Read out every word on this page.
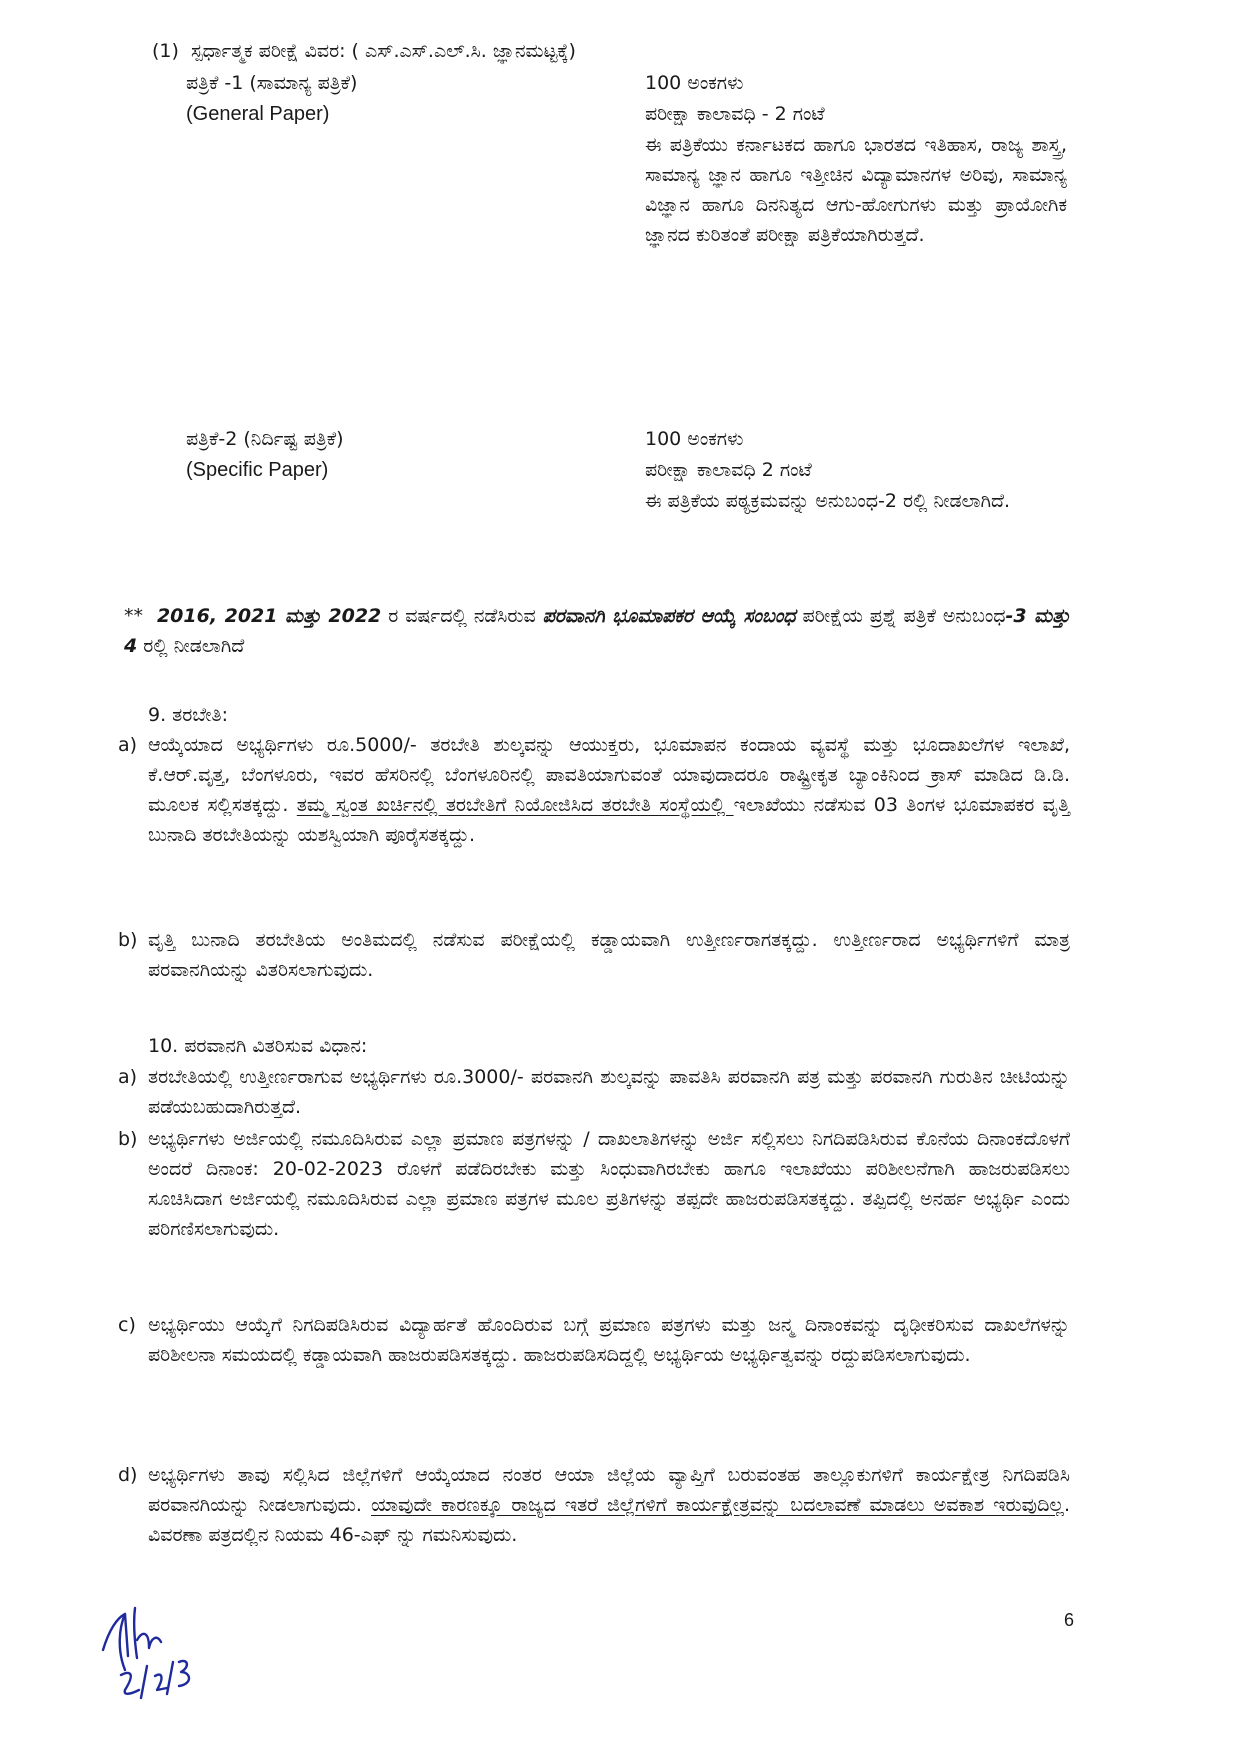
(1) ಸ್ಪರ್ಧಾತ್ಮಕ ಪರೀಕ್ಷೆ ವಿವರ: ( ಎಸ್.ಎಸ್.ಎಲ್.ಸಿ. ಜ್ಞಾನಮಟ್ಟಕ್ಕೆ)
ಪತ್ರಿಕೆ -1 (ಸಾಮಾನ್ಯ ಪತ್ರಿಕೆ)
(General Paper)
100 ಅಂಕಗಳು
ಪರೀಕ್ಷಾ ಕಾಲಾವಧಿ - 2 ಗಂಟೆ
ಈ ಪತ್ರಿಕೆಯು ಕರ್ನಾಟಕದ ಹಾಗೂ ಭಾರತದ ಇತಿಹಾಸ, ರಾಜ್ಯ ಶಾಸ್ತ್ರ, ಸಾಮಾನ್ಯ ಜ್ಞಾನ ಹಾಗೂ ಇತ್ತೀಚಿನ ವಿದ್ಯಾಮಾನಗಳ ಅರಿವು, ಸಾಮಾನ್ಯ ವಿಜ್ಞಾನ ಹಾಗೂ ದಿನನಿತ್ಯದ ಆಗು-ಹೋಗುಗಳು ಮತ್ತು ಪ್ರಾಯೋಗಿಕ ಜ್ಞಾನದ ಕುರಿತಂತೆ ಪರೀಕ್ಷಾ ಪತ್ರಿಕೆಯಾಗಿರುತ್ತದೆ.
ಪತ್ರಿಕೆ-2 (ನಿರ್ದಿಷ್ಟ ಪತ್ರಿಕೆ)
(Specific Paper)
100 ಅಂಕಗಳು
ಪರೀಕ್ಷಾ ಕಾಲಾವಧಿ 2 ಗಂಟೆ
ಈ ಪತ್ರಿಕೆಯ ಪಠ್ಯಕ್ರಮವನ್ನು ಅನುಬಂಧ-2 ರಲ್ಲಿ ನೀಡಲಾಗಿದೆ.
** 2016, 2021 ಮತ್ತು 2022 ರ ವರ್ಷದಲ್ಲಿ ನಡೆಸಿರುವ ಪರವಾನಗಿ ಭೂಮಾಪಕರ ಆಯ್ಕೆ ಸಂಬಂಧ ಪರೀಕ್ಷೆಯ ಪ್ರಶ್ನೆ ಪತ್ರಿಕೆ ಅನುಬಂಧ-3 ಮತ್ತು 4 ರಲ್ಲಿ ನೀಡಲಾಗಿದೆ
9. ತರಬೇತಿ:
a) ಆಯ್ಕೆಯಾದ ಅಭ್ಯರ್ಥಿಗಳು ರೂ.5000/- ತರಬೇತಿ ಶುಲ್ಕವನ್ನು ಆಯುಕ್ತರು, ಭೂಮಾಪನ ಕಂದಾಯ ವ್ಯವಸ್ಥೆ ಮತ್ತು ಭೂದಾಖಲೆಗಳ ಇಲಾಖೆ, ಕೆ.ಆರ್.ವೃತ್ತ, ಬೆಂಗಳೂರು, ಇವರ ಹೆಸರಿನಲ್ಲಿ ಬೆಂಗಳೂರಿನಲ್ಲಿ ಪಾವತಿಯಾಗುವಂತೆ ಯಾವುದಾದರೂ ರಾಷ್ಟ್ರೀಕೃತ ಬ್ಯಾಂಕಿನಿಂದ ಕ್ರಾಸ್ ಮಾಡಿದ ಡಿ.ಡಿ. ಮೂಲಕ ಸಲ್ಲಿಸತಕ್ಕದ್ದು. ತಮ್ಮ ಸ್ವಂತ ಖರ್ಚಿನಲ್ಲಿ ತರಬೇತಿಗೆ ನಿಯೋಜಿಸಿದ ತರಬೇತಿ ಸಂಸ್ಥೆಯಲ್ಲಿ ಇಲಾಖೆಯು ನಡೆಸುವ 03 ತಿಂಗಳ ಭೂಮಾಪಕರ ವೃತ್ತಿ ಬುನಾದಿ ತರಬೇತಿಯನ್ನು ಯಶಸ್ವಿಯಾಗಿ ಪೂರೈಸತಕ್ಕದ್ದು.
b) ವೃತ್ತಿ ಬುನಾದಿ ತರಬೇತಿಯ ಅಂತಿಮದಲ್ಲಿ ನಡೆಸುವ ಪರೀಕ್ಷೆಯಲ್ಲಿ ಕಡ್ಡಾಯವಾಗಿ ಉತ್ತೀರ್ಣರಾಗತಕ್ಕದ್ದು. ಉತ್ತೀರ್ಣರಾದ ಅಭ್ಯರ್ಥಿಗಳಿಗೆ ಮಾತ್ರ ಪರವಾನಗಿಯನ್ನು ವಿತರಿಸಲಾಗುವುದು.
10. ಪರವಾನಗಿ ವಿತರಿಸುವ ವಿಧಾನ:
a) ತರಬೇತಿಯಲ್ಲಿ ಉತ್ತೀರ್ಣರಾಗುವ ಅಭ್ಯರ್ಥಿಗಳು ರೂ.3000/- ಪರವಾನಗಿ ಶುಲ್ಕವನ್ನು ಪಾವತಿಸಿ ಪರವಾನಗಿ ಪತ್ರ ಮತ್ತು ಪರವಾನಗಿ ಗುರುತಿನ ಚೀಟಿಯನ್ನು ಪಡೆಯಬಹುದಾಗಿರುತ್ತದೆ.
b) ಅಭ್ಯರ್ಥಿಗಳು ಅರ್ಜಿಯಲ್ಲಿ ನಮೂದಿಸಿರುವ ಎಲ್ಲಾ ಪ್ರಮಾಣ ಪತ್ರಗಳನ್ನು / ದಾಖಲಾತಿಗಳನ್ನು ಅರ್ಜಿ ಸಲ್ಲಿಸಲು ನಿಗದಿಪಡಿಸಿರುವ ಕೊನೆಯ ದಿನಾಂಕದೊಳಗೆ ಅಂದರೆ ದಿನಾಂಕ: 20-02-2023 ರೊಳಗೆ ಪಡೆದಿರಬೇಕು ಮತ್ತು ಸಿಂಧುವಾಗಿರಬೇಕು ಹಾಗೂ ಇಲಾಖೆಯು ಪರಿಶೀಲನೆಗಾಗಿ ಹಾಜರುಪಡಿಸಲು ಸೂಚಿಸಿದಾಗ ಅರ್ಜಿಯಲ್ಲಿ ನಮೂದಿಸಿರುವ ಎಲ್ಲಾ ಪ್ರಮಾಣ ಪತ್ರಗಳ ಮೂಲ ಪ್ರತಿಗಳನ್ನು ತಪ್ಪದೇ ಹಾಜರುಪಡಿಸತಕ್ಕದ್ದು. ತಪ್ಪಿದಲ್ಲಿ ಅನರ್ಹ ಅಭ್ಯರ್ಥಿ ಎಂದು ಪರಿಗಣಿಸಲಾಗುವುದು.
c) ಅಭ್ಯರ್ಥಿಯು ಆಯ್ಕೆಗೆ ನಿಗದಿಪಡಿಸಿರುವ ವಿದ್ಯಾರ್ಹತೆ ಹೊಂದಿರುವ ಬಗ್ಗೆ ಪ್ರಮಾಣ ಪತ್ರಗಳು ಮತ್ತು ಜನ್ಮ ದಿನಾಂಕವನ್ನು ದೃಢೀಕರಿಸುವ ದಾಖಲೆಗಳನ್ನು ಪರಿಶೀಲನಾ ಸಮಯದಲ್ಲಿ ಕಡ್ಡಾಯವಾಗಿ ಹಾಜರುಪಡಿಸತಕ್ಕದ್ದು. ಹಾಜರುಪಡಿಸದಿದ್ದಲ್ಲಿ ಅಭ್ಯರ್ಥಿಯ ಅಭ್ಯರ್ಥಿತ್ವವನ್ನು ರದ್ದುಪಡಿಸಲಾಗುವುದು.
d) ಅಭ್ಯರ್ಥಿಗಳು ತಾವು ಸಲ್ಲಿಸಿದ ಜಿಲ್ಲೆಗಳಿಗೆ ಆಯ್ಕೆಯಾದ ನಂತರ ಆಯಾ ಜಿಲ್ಲೆಯ ವ್ಯಾಪ್ತಿಗೆ ಬರುವಂತಹ ತಾಲ್ಲೂಕುಗಳಿಗೆ ಕಾರ್ಯಕ್ಷೇತ್ರ ನಿಗದಿಪಡಿಸಿ ಪರವಾನಗಿಯನ್ನು ನೀಡಲಾಗುವುದು. ಯಾವುದೇ ಕಾರಣಕ್ಕೂ ರಾಜ್ಯದ ಇತರೆ ಜಿಲ್ಲೆಗಳಿಗೆ ಕಾರ್ಯಕ್ಷೇತ್ರವನ್ನು ಬದಲಾವಣೆ ಮಾಡಲು ಅವಕಾಶ ಇರುವುದಿಲ್ಲ. ವಿವರಣಾ ಪತ್ರದಲ್ಲಿನ ನಿಯಮ 46-ಎಫ್ ನ್ನು ಗಮನಿಸುವುದು.
2/2/23
6
